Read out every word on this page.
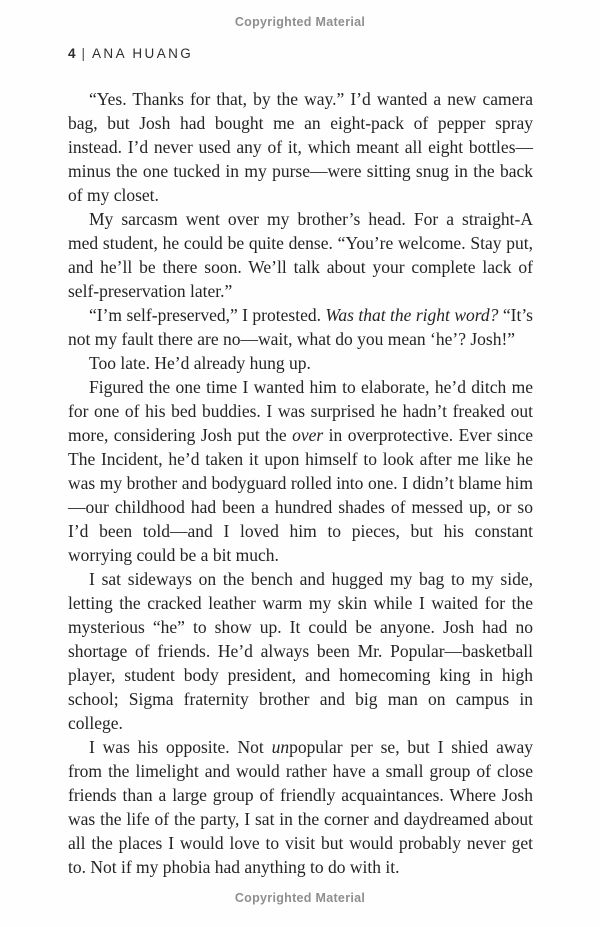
Copyrighted Material
4 | ANA HUANG

“Yes. Thanks for that, by the way.” I’d wanted a new camera bag, but Josh had bought me an eight-pack of pepper spray instead. I’d never used any of it, which meant all eight bottles—minus the one tucked in my purse—were sitting snug in the back of my closet.

My sarcasm went over my brother’s head. For a straight-A med student, he could be quite dense. “You’re welcome. Stay put, and he’ll be there soon. We’ll talk about your complete lack of self-preservation later.”

“I’m self-preserved,” I protested. Was that the right word? “It’s not my fault there are no—wait, what do you mean ‘he’? Josh!”

Too late. He’d already hung up.

Figured the one time I wanted him to elaborate, he’d ditch me for one of his bed buddies. I was surprised he hadn’t freaked out more, considering Josh put the over in overprotective. Ever since The Incident, he’d taken it upon himself to look after me like he was my brother and bodyguard rolled into one. I didn’t blame him—our childhood had been a hundred shades of messed up, or so I’d been told—and I loved him to pieces, but his constant worrying could be a bit much.

I sat sideways on the bench and hugged my bag to my side, letting the cracked leather warm my skin while I waited for the mysterious “he” to show up. It could be anyone. Josh had no shortage of friends. He’d always been Mr. Popular—basketball player, student body president, and homecoming king in high school; Sigma fraternity brother and big man on campus in college.

I was his opposite. Not unpopular per se, but I shied away from the limelight and would rather have a small group of close friends than a large group of friendly acquaintances. Where Josh was the life of the party, I sat in the corner and daydreamed about all the places I would love to visit but would probably never get to. Not if my phobia had anything to do with it.

Copyrighted Material
